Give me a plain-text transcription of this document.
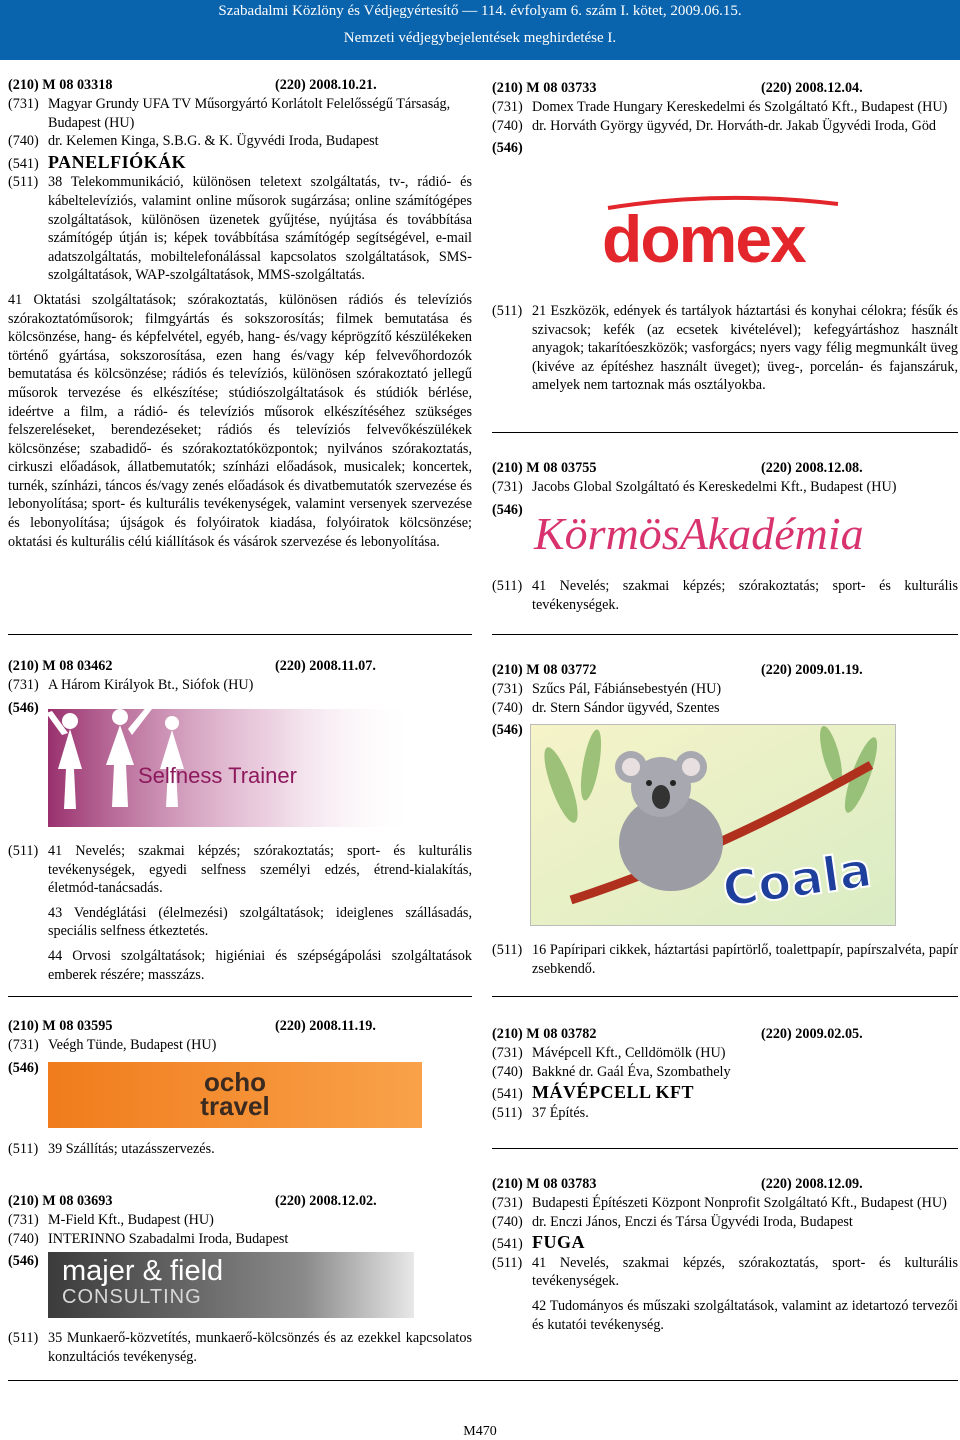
Szabadalmi Közlöny és Védjegyértesítő — 114. évfolyam 6. szám I. kötet, 2009.06.15.
Nemzeti védjegybejelentések meghirdetése I.
(210) M 08 03318	(220) 2008.10.21.
(731) Magyar Grundy UFA TV Műsorgyártó Korlátolt Felelősségű Társaság, Budapest (HU)
(740) dr. Kelemen Kinga, S.B.G. & K. Ügyvédi Iroda, Budapest
(541) PANELFIÓKÁK
(511) 38 Telekommunikáció, különösen teletext szolgáltatás, tv-, rádió- és kábeltelevíziós, valamint online műsorok sugárzása; online számítógépes szolgáltatások, különösen üzenetek gyűjtése, nyújtása és továbbítása számítógép útján is; képek továbbítása számítógép segítségével, e-mail adatszolgáltatás, mobiltelefonálással kapcsolatos szolgáltatások, SMS-szolgáltatások, WAP-szolgáltatások, MMS-szolgáltatás.
41 Oktatási szolgáltatások; szórakoztatás, különösen rádiós és televíziós szórakoztatóműsorok; filmgyártás és sokszorosítás; filmek bemutatása és kölcsönzése, hang- és képfelvétel, egyéb, hang- és/vagy képrögzítő készülékeken történő gyártása, sokszorosítása, ezen hang és/vagy kép felvevőhordozók bemutatása és kölcsönzése; rádiós és televíziós, különösen szórakoztató jellegű műsorok tervezése és elkészítése; stúdiószolgáltatások és stúdiók bérlése, ideértve a film, a rádió- és televíziós műsorok elkészítéséhez szükséges felszereléseket, berendezéseket; rádiós és televíziós felvevőkészülékek kölcsönzése; szabadidő- és szórakoztatóközpontok; nyilvános szórakoztatás, cirkuszi előadások, állatbemutatók; színházi előadások, musicalek; koncertek, turnék, színházi, táncos és/vagy zenés előadások és divatbemutatók szervezése és lebonyolítása; sport- és kulturális tevékenységek, valamint versenyek szervezése és lebonyolítása; újságok és folyóiratok kiadása, folyóiratok kölcsönzése; oktatási és kulturális célú kiállítások és vásárok szervezése és lebonyolítása.
(210) M 08 03462	(220) 2008.11.07.
(731) A Három Királyok Bt., Siófok (HU)
(546)
Selfness Trainer
(511) 41 Nevelés; szakmai képzés; szórakoztatás; sport- és kulturális tevékenységek, egyedi selfness személyi edzés, étrend-kialakítás, életmód-tanácsadás.
43 Vendéglátási (élelmezési) szolgáltatások; ideiglenes szállásadás, speciális selfness étkeztetés.
44 Orvosi szolgáltatások; higiéniai és szépségápolási szolgáltatások emberek részére; masszázs.
(210) M 08 03595	(220) 2008.11.19.
(731) Veégh Tünde, Budapest (HU)
(546)	ocho
travel
(511) 39 Szállítás; utazásszervezés.
(210) M 08 03693	(220) 2008.12.02.
(731) M-Field Kft., Budapest (HU)
(740) INTERINNO Szabadalmi Iroda, Budapest
(546) majer & field
CONSULTING
(511) 35 Munkaerő-közvetítés, munkaerő-kölcsönzés és az ezekkel kapcsolatos konzultációs tevékenység.
(210) M 08 03733	(220) 2008.12.04.
(731) Domex Trade Hungary Kereskedelmi és Szolgáltató Kft., Budapest (HU)
(740) dr. Horváth György ügyvéd, Dr. Horváth-dr. Jakab Ügyvédi Iroda, Göd
(546)
domex
(511) 21 Eszközök, edények és tartályok háztartási és konyhai célokra; fésűk és szivacsok; kefék (az ecsetek kivételével); kefegyártáshoz használt anyagok; takarítóeszközök; vasforgács; nyers vagy félig megmunkált üveg (kivéve az építéshez használt üveget); üveg-, porcelán- és fajanszáruk, amelyek nem tartoznak más osztályokba.
(210) M 08 03755	(220) 2008.12.08.
(731) Jacobs Global Szolgáltató és Kereskedelmi Kft., Budapest (HU)
(546) KörmösAkadémia
(511) 41 Nevelés; szakmai képzés; szórakoztatás; sport- és kulturális tevékenységek.
(210) M 08 03772	(220) 2009.01.19.
(731) Szűcs Pál, Fábiánsebestyén (HU)
(740) dr. Stern Sándor ügyvéd, Szentes
(546)
Coala
(511) 16 Papíripari cikkek, háztartási papírtörlő, toalettpapír, papírszalvéta, papír zsebkendő.
(210) M 08 03782	(220) 2009.02.05.
(731) Mávépcell Kft., Celldömölk (HU)
(740) Bakkné dr. Gaál Éva, Szombathely
(541) MÁVÉPCELL KFT
(511) 37 Építés.
(210) M 08 03783	(220) 2008.12.09.
(731) Budapesti Építészeti Központ Nonprofit Szolgáltató Kft., Budapest (HU)
(740) dr. Enczi János, Enczi és Társa Ügyvédi Iroda, Budapest
(541) FUGA
(511) 41 Nevelés, szakmai képzés, szórakoztatás, sport- és kulturális tevékenységek.
42 Tudományos és műszaki szolgáltatások, valamint az idetartozó tervezői és kutatói tevékenység.
M470
